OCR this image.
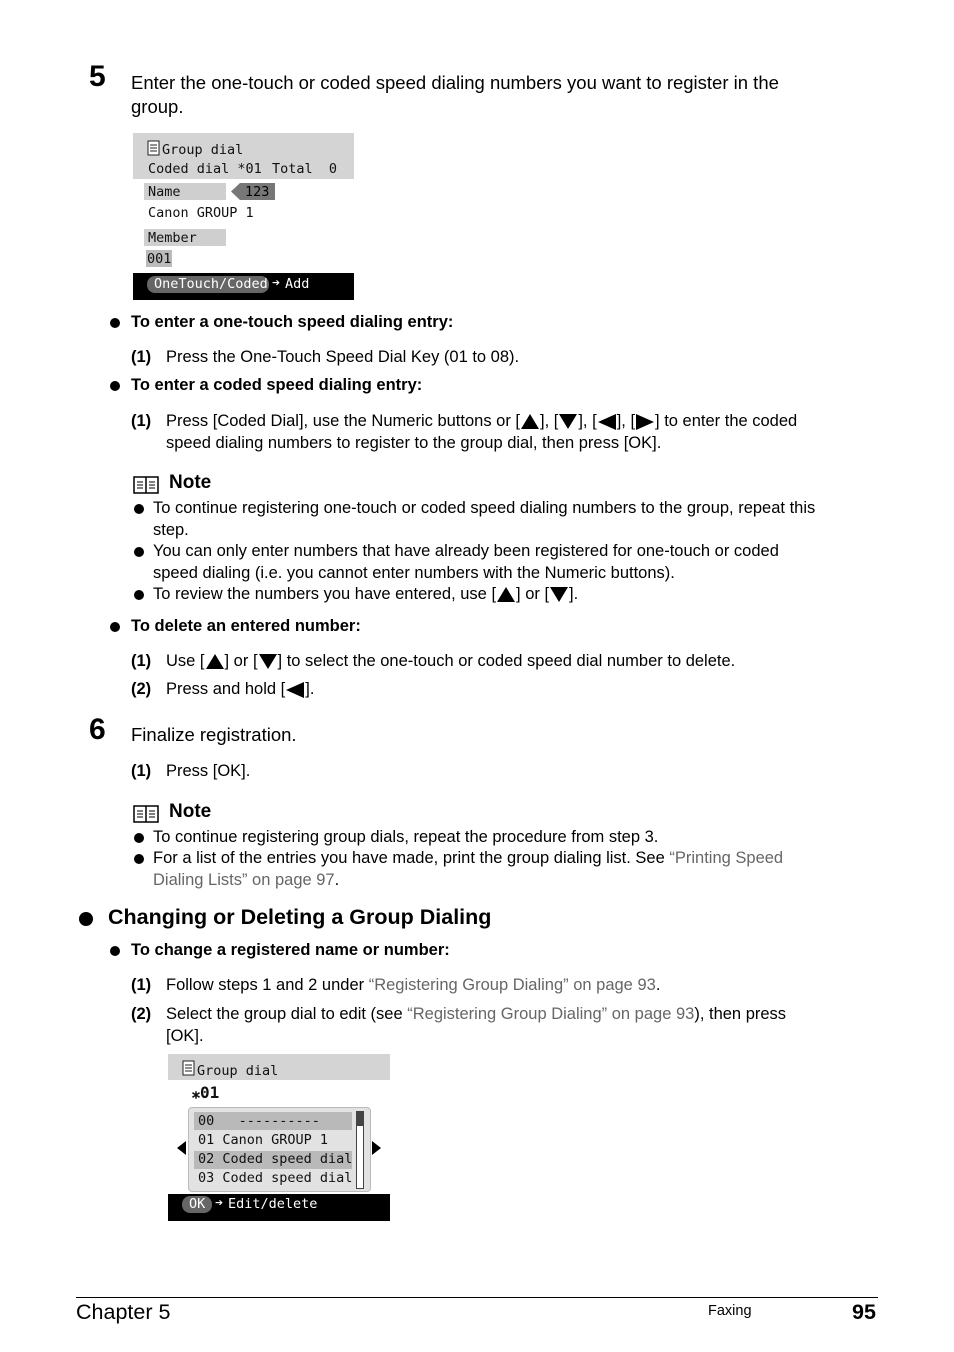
5 Enter the one-touch or coded speed dialing numbers you want to register in the
group.
Group dial
Coded dial *01 Total  0
Name	123
Canon GROUP 1
Member
001
OneTouch/Coded ➔ Add
To enter a one-touch speed dialing entry:
(1) Press the One-Touch Speed Dial Key (01 to 08).
To enter a coded speed dialing entry:
(1) Press [Coded Dial], use the Numeric buttons or [ ], [ ], [ ], [ ] to enter the coded
speed dialing numbers to register to the group dial, then press [OK].
Note
To continue registering one-touch or coded speed dialing numbers to the group, repeat this
step.
You can only enter numbers that have already been registered for one-touch or coded
speed dialing (i.e. you cannot enter numbers with the Numeric buttons).
To review the numbers you have entered, use [ ] or [ ].
To delete an entered number:
(1) Use [ ] or [ ] to select the one-touch or coded speed dial number to delete.
(2) Press and hold [ ].
6 Finalize registration.
(1) Press [OK].
Note
To continue registering group dials, repeat the procedure from step 3.
For a list of the entries you have made, print the group dialing list. See “Printing Speed
Dialing Lists” on page 97.
Changing or Deleting a Group Dialing
To change a registered name or number:
(1) Follow steps 1 and 2 under “Registering Group Dialing” on page 93.
(2) Select the group dial to edit (see “Registering Group Dialing” on page 93), then press
[OK].
Group dial
⁎01
00   ----------
01 Canon GROUP 1
02 Coded speed dial
03 Coded speed dial
OK ➔ Edit/delete
Chapter 5	Faxing	95
